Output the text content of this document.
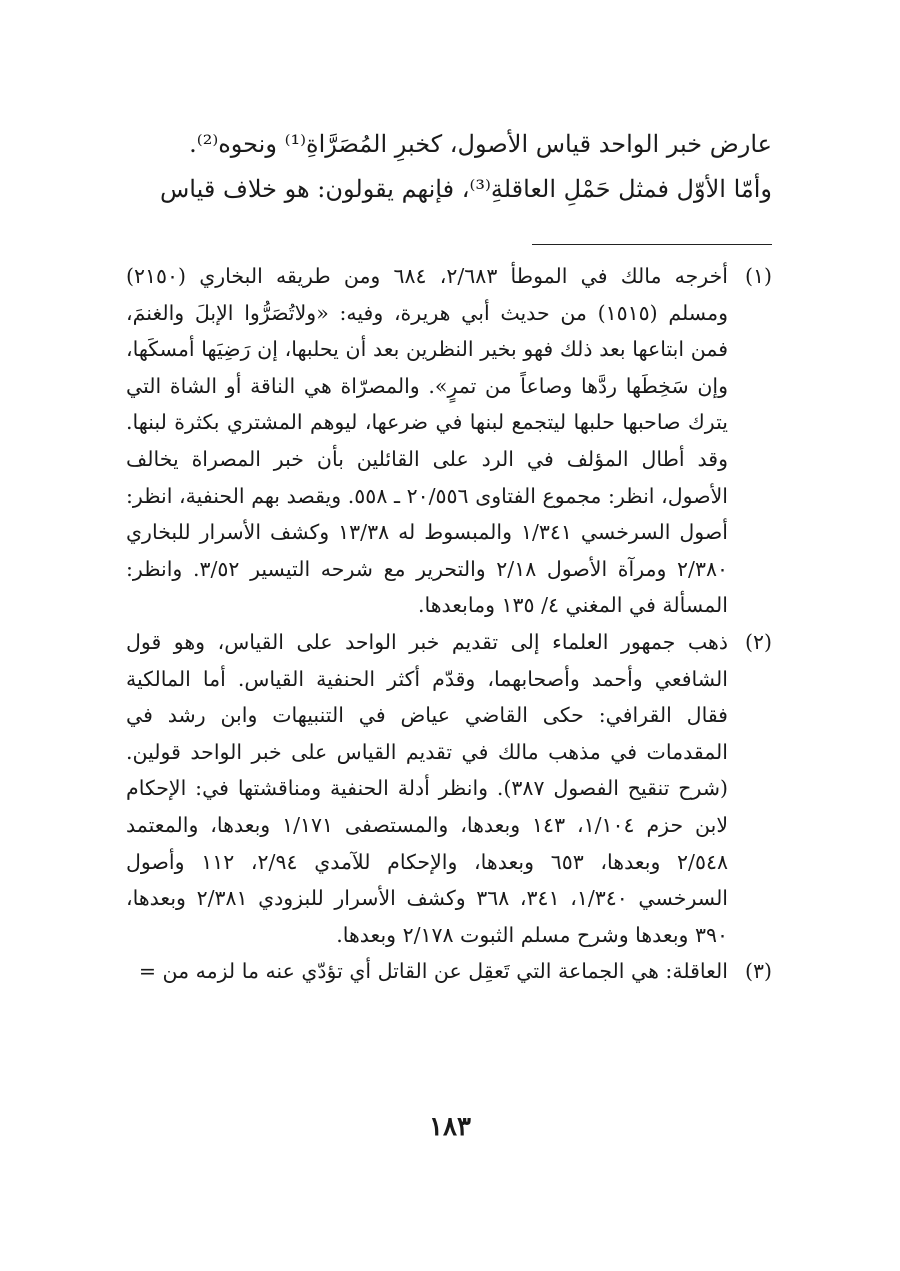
عارض خبر الواحد قياس الأصول، كخبرِ المُصَرَّاةِ⁽¹⁾ ونحوه⁽²⁾.

وأمّا الأوّل فمثل حَمْلِ العاقلةِ⁽³⁾، فإنهم يقولون: هو خلاف قياس

(١)
أخرجه مالك في الموطأ ٢/٦٨٣، ٦٨٤ ومن طريقه البخاري (٢١٥٠) ومسلم (١٥١٥) من حديث أبي هريرة، وفيه: «ولاتُصَرُّوا الإبلَ والغنمَ، فمن ابتاعها بعد ذلك فهو بخير النظرين بعد أن يحلبها، إن رَضِيَها أمسكَها، وإن سَخِطَها ردَّها وصاعاً من تمرٍ». والمصرّاة هي الناقة أو الشاة التي يترك صاحبها حلبها ليتجمع لبنها في ضرعها، ليوهم المشتري بكثرة لبنها. وقد أطال المؤلف في الرد على القائلين بأن خبر المصراة يخالف الأصول، انظر: مجموع الفتاوى ٢٠/٥٥٦ ـ ٥٥٨. ويقصد بهم الحنفية، انظر: أصول السرخسي ١/٣٤١ والمبسوط له ١٣/٣٨ وكشف الأسرار للبخاري ٢/٣٨٠ ومرآة الأصول ٢/١٨ والتحرير مع شرحه التيسير ٣/٥٢. وانظر: المسألة في المغني ٤/ ١٣٥ ومابعدها.
(٢)
ذهب جمهور العلماء إلى تقديم خبر الواحد على القياس، وهو قول الشافعي وأحمد وأصحابهما، وقدّم أكثر الحنفية القياس. أما المالكية فقال القرافي: حكى القاضي عياض في التنبيهات وابن رشد في المقدمات في مذهب مالك في تقديم القياس على خبر الواحد قولين. (شرح تنقيح الفصول ٣٨٧). وانظر أدلة الحنفية ومناقشتها في: الإحكام لابن حزم ١/١٠٤، ١٤٣ وبعدها، والمستصفى ١/١٧١ وبعدها، والمعتمد ٢/٥٤٨ وبعدها، ٦٥٣ وبعدها، والإحكام للآمدي ٢/٩٤، ١١٢ وأصول السرخسي ١/٣٤٠، ٣٤١، ٣٦٨ وكشف الأسرار للبزودي ٢/٣٨١ وبعدها، ٣٩٠ وبعدها وشرح مسلم الثبوت ٢/١٧٨ وبعدها.
(٣)
العاقلة: هي الجماعة التي تَعقِل عن القاتل أي تؤدّي عنه ما لزمه من =
١٨٣
